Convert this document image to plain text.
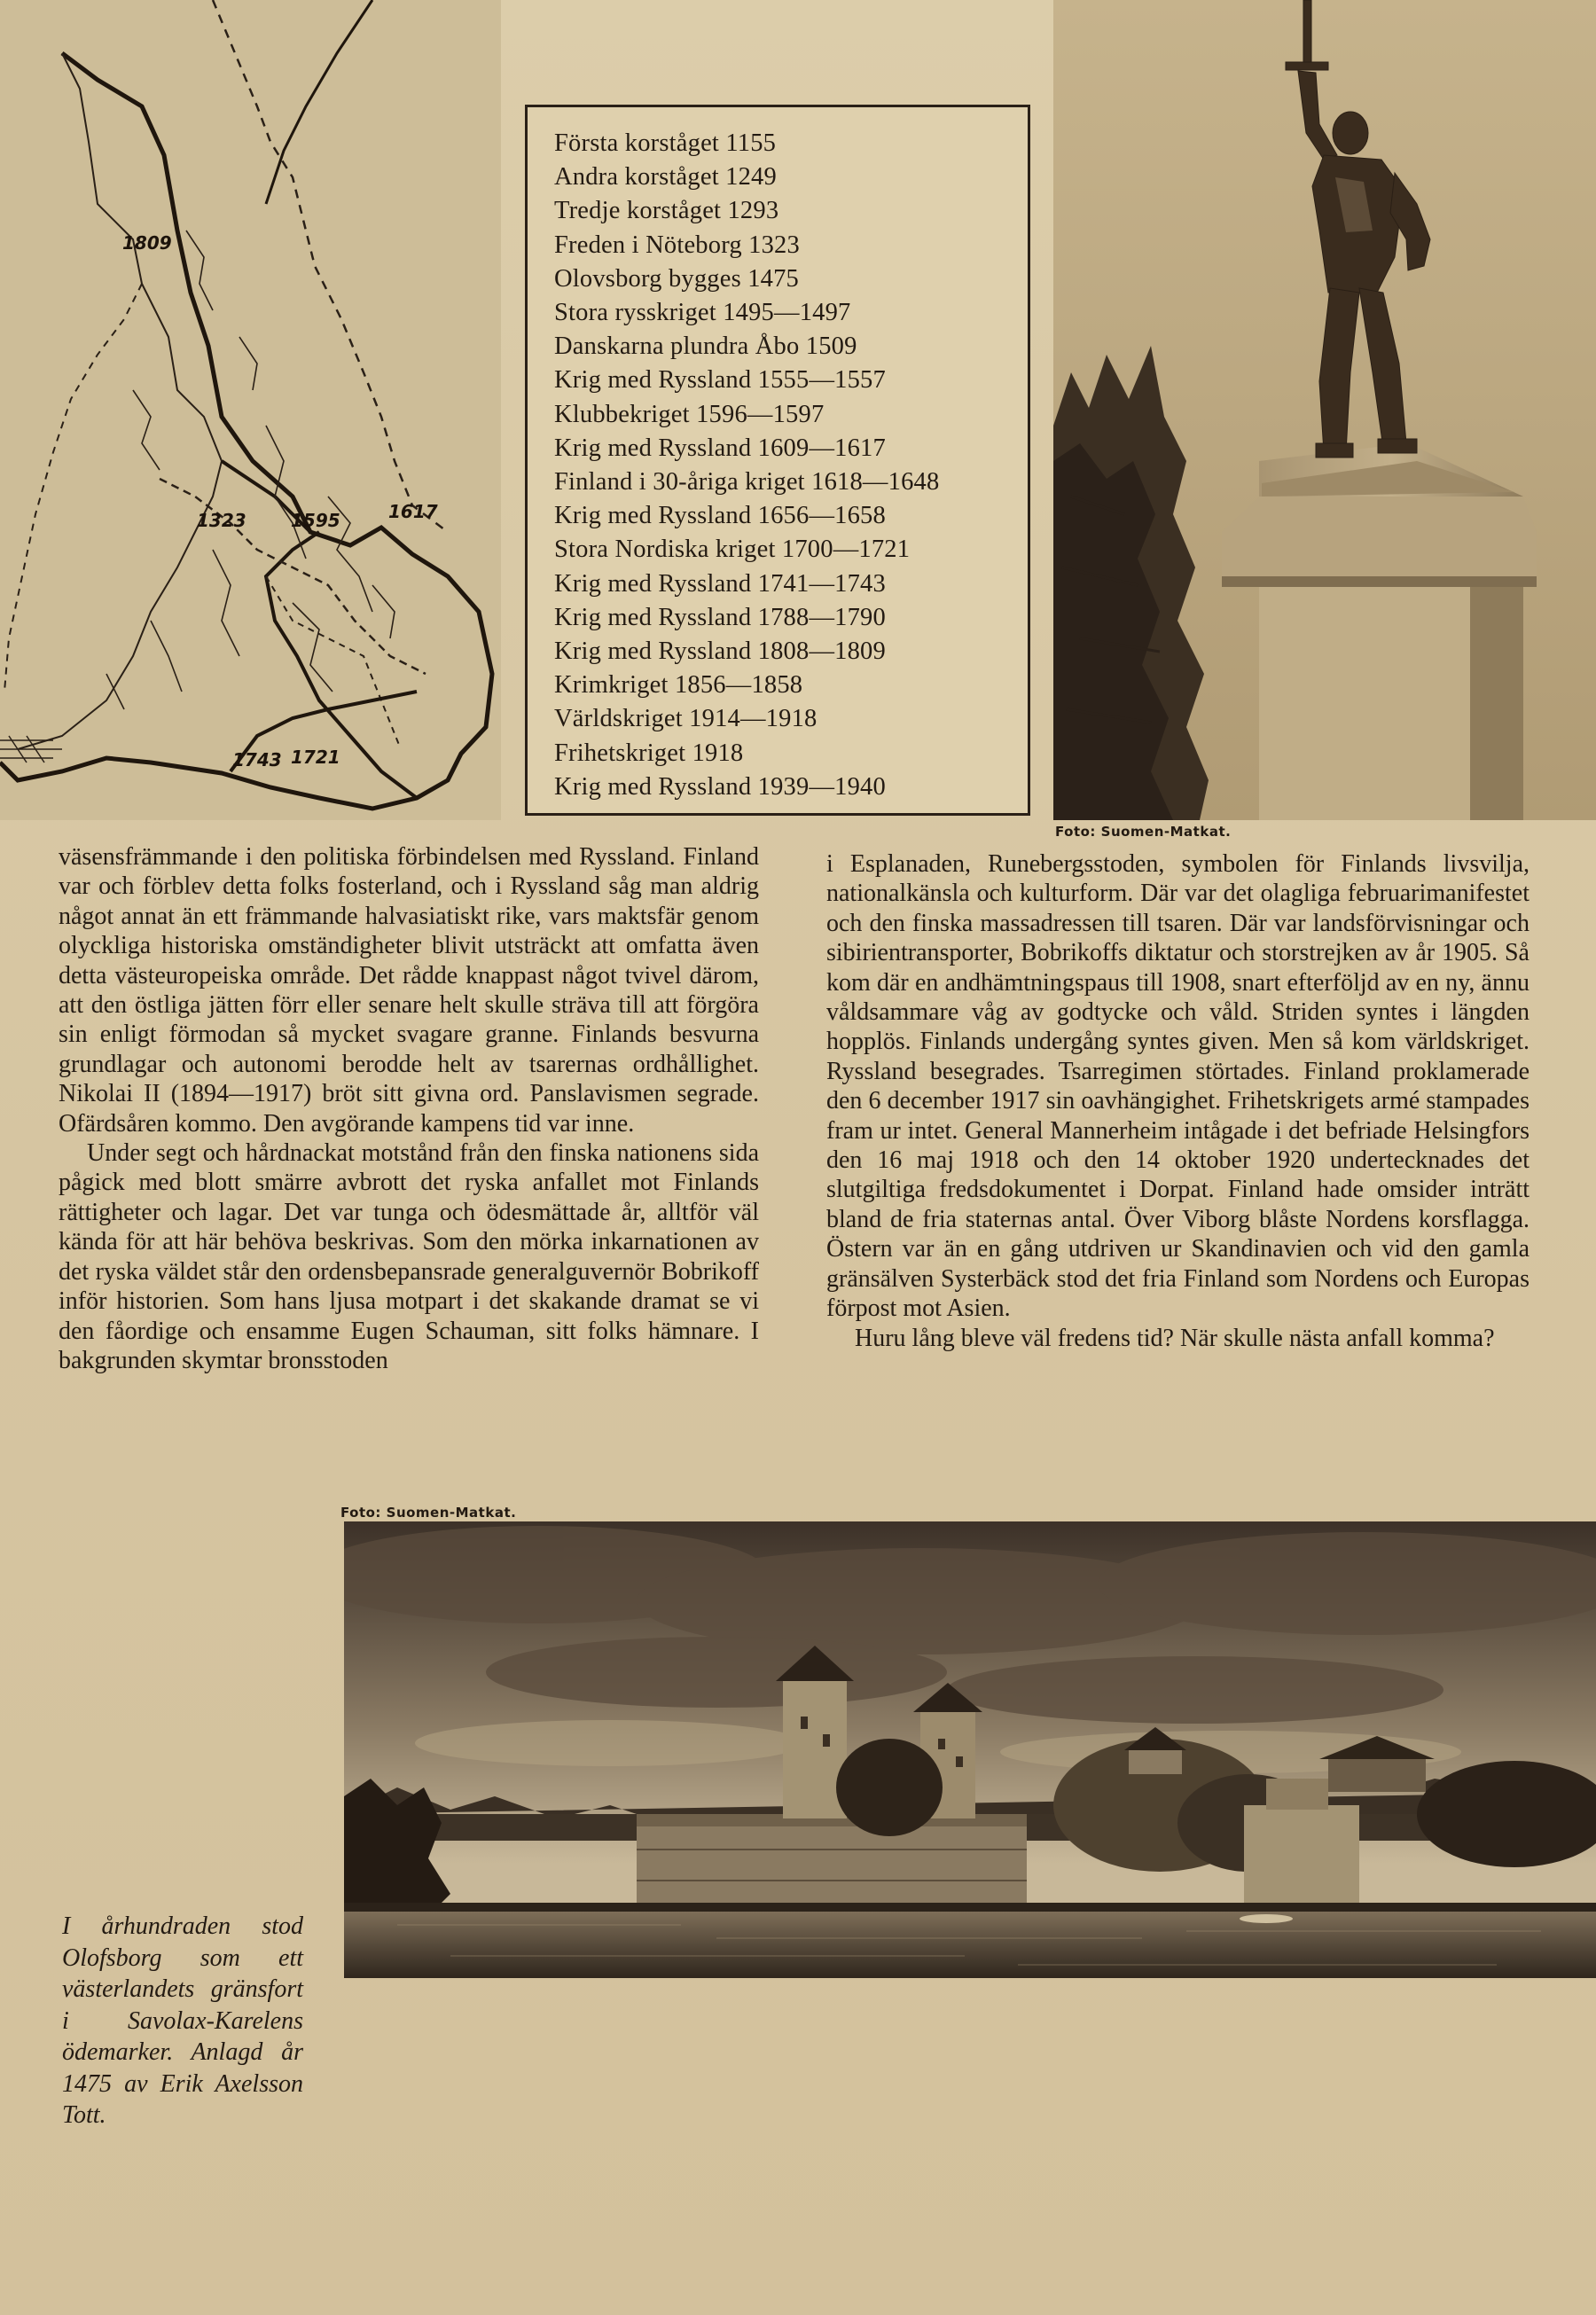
1809
1323	1595	1617
1743 1721
Första korståget 1155
Andra korståget 1249
Tredje korståget 1293
Freden i Nöteborg 1323
Olovsborg bygges 1475
Stora rysskriget 1495—1497
Danskarna plundra Åbo 1509
Krig med Ryssland 1555—1557
Klubbekriget 1596—1597
Krig med Ryssland 1609—1617
Finland i 30-åriga kriget 1618—1648
Krig med Ryssland 1656—1658
Stora Nordiska kriget 1700—1721
Krig med Ryssland 1741—1743
Krig med Ryssland 1788—1790
Krig med Ryssland 1808—1809
Krimkriget 1856—1858
Världskriget 1914—1918
Frihetskriget 1918
Krig med Ryssland 1939—1940
Foto: Suomen-Matkat.

väsensfrämmande i den politiska förbindelsen med Ryssland. Finland var och förblev detta folks fosterland, och i Ryssland såg man aldrig något annat än ett främmande halvasiatiskt rike, vars maktsfär genom olyckliga historiska omständigheter blivit utsträckt att omfatta även detta västeuropeiska område. Det rådde knappast något tvivel därom, att den östliga jätten förr eller senare helt skulle sträva till att förgöra sin enligt förmodan så mycket svagare granne. Finlands besvurna grundlagar och autonomi berodde helt av tsarernas ordhållighet. Nikolai II (1894—1917) bröt sitt givna ord. Panslavismen segrade. Ofärdsåren kommo. Den avgörande kampens tid var inne.

Under segt och hårdnackat motstånd från den finska nationens sida pågick med blott smärre avbrott det ryska anfallet mot Finlands rättigheter och lagar. Det var tunga och ödesmättade år, alltför väl kända för att här behöva beskrivas. Som den mörka inkarnationen av det ryska väldet står den ordensbepansrade generalguvernör Bobrikoff inför historien. Som hans ljusa motpart i det skakande dramat se vi den fåordige och ensamme Eugen Schauman, sitt folks hämnare. I bakgrunden skymtar bronsstoden

i Esplanaden, Runebergsstoden, symbolen för Finlands livsvilja, nationalkänsla och kulturform. Där var det olagliga februarimanifestet och den finska massadressen till tsaren. Där var landsförvisningar och sibirientransporter, Bobrikoffs diktatur och storstrejken av år 1905. Så kom där en andhämtningspaus till 1908, snart efterföljd av en ny, ännu våldsammare våg av godtycke och våld. Striden syntes i längden hopplös. Finlands undergång syntes given. Men så kom världskriget. Ryssland besegrades. Tsarregimen störtades. Finland proklamerade den 6 december 1917 sin oavhängighet. Frihetskrigets armé stampades fram ur intet. General Mannerheim intågade i det befriade Helsingfors den 16 maj 1918 och den 14 oktober 1920 undertecknades det slutgiltiga fredsdokumentet i Dorpat. Finland hade omsider inträtt bland de fria staternas antal. Över Viborg blåste Nordens korsflagga. Östern var än en gång utdriven ur Skandinavien och vid den gamla gränsälven Systerbäck stod det fria Finland som Nordens och Europas förpost mot Asien.

Huru lång bleve väl fredens tid? När skulle nästa anfall komma?

Foto: Suomen-Matkat.

I århundraden stod Olofsborg som ett västerlandets gränsfort i Savolax-Karelens ödemarker. Anlagd år 1475 av Erik Axelsson Tott.
